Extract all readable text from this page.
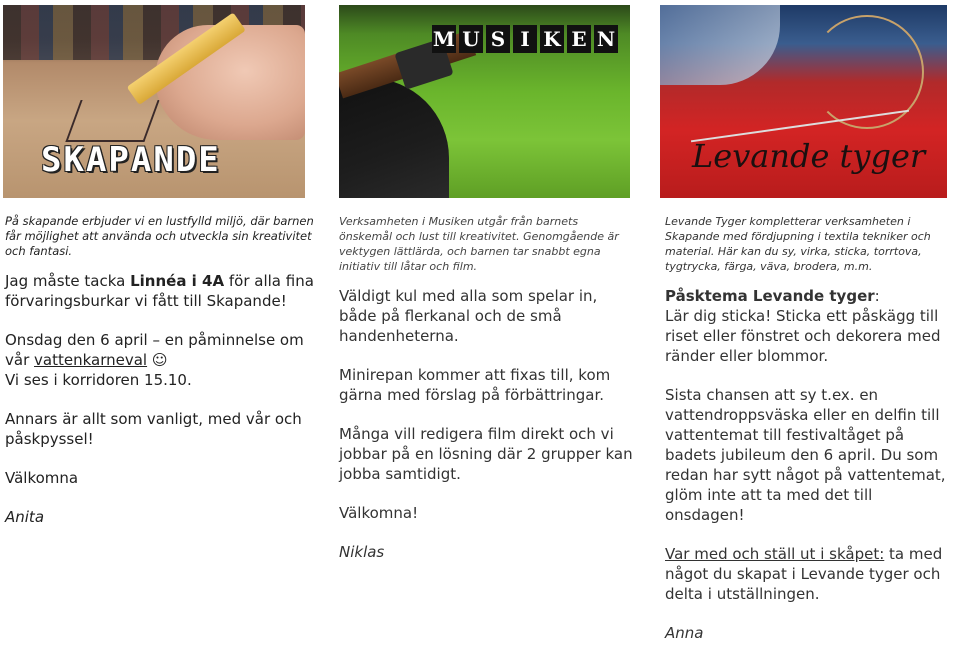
SKAPANDE
På skapande erbjuder vi en lustfylld miljö, där barnen får möjlighet att använda och utveckla sin kreativitet och fantasi.

Jag måste tacka Linnéa i 4A för alla fina förvaringsburkar vi fått till Skapande!

Onsdag den 6 april – en påminnelse om vår vattenkarneval ☺
Vi ses i korridoren 15.10.

Annars är allt som vanligt, med vår och påskpyssel!

Välkomna

Anita

M U S I K E N
Verksamheten i Musiken utgår från barnets önskemål och lust till kreativitet. Genomgående är vektygen lättlärda, och barnen tar snabbt egna initiativ till låtar och film.

Väldigt kul med alla som spelar in, både på flerkanal och de små handenheterna.

Minirepan kommer att fixas till, kom gärna med förslag på förbättringar.

Många vill redigera film direkt och vi jobbar på en lösning där 2 grupper kan jobba samtidigt.

Välkomna!

Niklas

Levande tyger
Levande Tyger kompletterar verksamheten i Skapande med fördjupning i textila tekniker och material. Här kan du sy, virka, sticka, torrtova, tygtrycka, färga, väva, brodera, m.m.

Påsktema Levande tyger:
Lär dig sticka! Sticka ett påskägg till riset eller fönstret och dekorera med ränder eller blommor.

Sista chansen att sy t.ex. en vattendroppsväska eller en delfin till vattentemat till festivaltåget på badets jubileum den 6 april. Du som redan har sytt något på vattentemat, glöm inte att ta med det till onsdagen!

Var med och ställ ut i skåpet: ta med något du skapat i Levande tyger och delta i utställningen.

Anna
